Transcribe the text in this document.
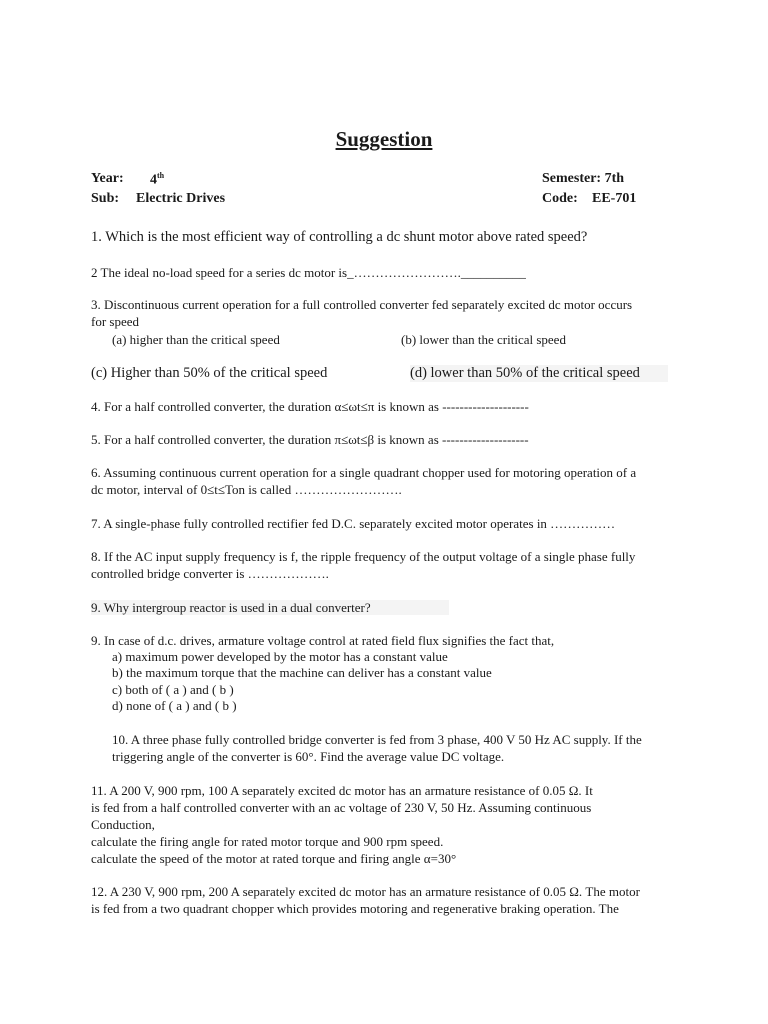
Suggestion
Year: 4th	Semester: 7th
Sub: Electric Drives	Code: EE-701
1. Which is the most efficient way of controlling a dc shunt motor above rated speed?
2 The ideal no-load speed for a series dc motor is_…………………….__________
3. Discontinuous current operation for a full controlled converter fed separately excited dc motor occurs
for speed
(a) higher than the critical speed	(b) lower than the critical speed
(c) Higher than 50% of the critical speed	(d) lower than 50% of the critical speed
4. For a half controlled converter, the duration α≤ωt≤π is known as --------------------
5. For a half controlled converter, the duration π≤ωt≤β is known as --------------------
6. Assuming continuous current operation for a single quadrant chopper used for motoring operation of a
dc motor, interval of 0≤t≤Ton is called …………………….
7. A single-phase fully controlled rectifier fed D.C. separately excited motor operates in ……………
8. If the AC input supply frequency is f, the ripple frequency of the output voltage of a single phase fully
controlled bridge converter is ……………….
9. Why intergroup reactor is used in a dual converter?
9. In case of d.c. drives, armature voltage control at rated field flux signifies the fact that,
a) maximum power developed by the motor has a constant value
b) the maximum torque that the machine can deliver has a constant value
c) both of ( a ) and ( b )
d) none of ( a ) and ( b )
10. A three phase fully controlled bridge converter is fed from 3 phase, 400 V 50 Hz AC supply. If the
triggering angle of the converter is 60°. Find the average value DC voltage.
11. A 200 V, 900 rpm, 100 A separately excited dc motor has an armature resistance of 0.05 Ω. It
is fed from a half controlled converter with an ac voltage of 230 V, 50 Hz. Assuming continuous
Conduction,
calculate the firing angle for rated motor torque and 900 rpm speed.
calculate the speed of the motor at rated torque and firing angle α=30°
12. A 230 V, 900 rpm, 200 A separately excited dc motor has an armature resistance of 0.05 Ω. The motor
is fed from a two quadrant chopper which provides motoring and regenerative braking operation. The
